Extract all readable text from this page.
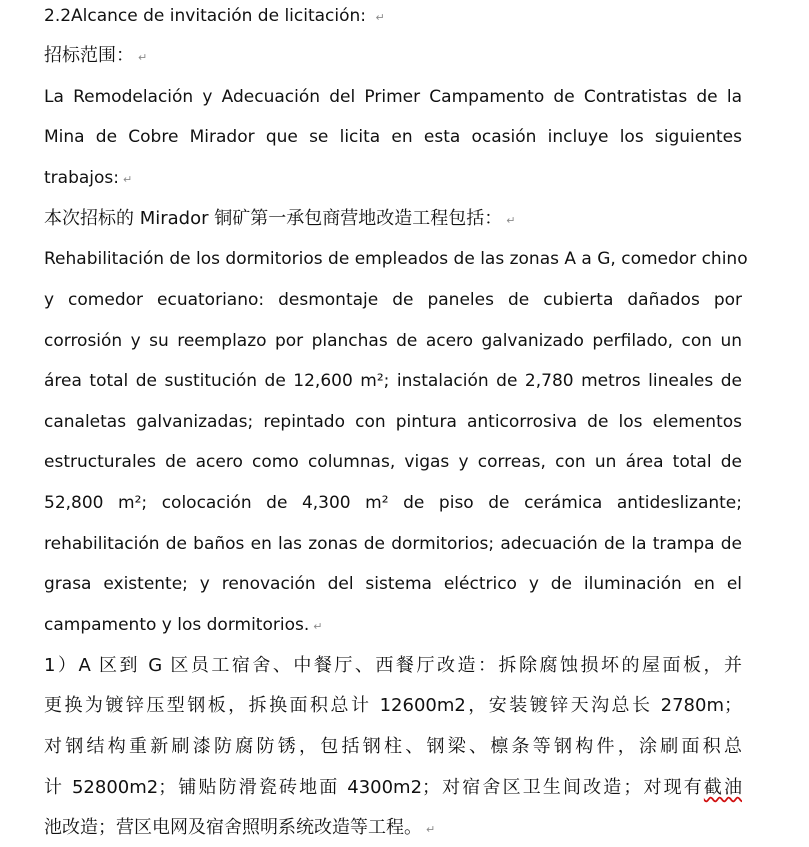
2.2Alcance de invitación de licitación: ↵
招标范围： ↵
La Remodelación y Adecuación del Primer Campamento de Contratistas de la
Mina de Cobre Mirador que se licita en esta ocasión incluye los siguientes
trabajos: ↵
本次招标的 Mirador 铜矿第一承包商营地改造工程包括： ↵
Rehabilitación de los dormitorios de empleados de las zonas A a G, comedor chino
y comedor ecuatoriano: desmontaje de paneles de cubierta dañados por
corrosión y su reemplazo por planchas de acero galvanizado perfilado, con un
área total de sustitución de 12,600 m²; instalación de 2,780 metros lineales de
canaletas galvanizadas; repintado con pintura anticorrosiva de los elementos
estructurales de acero como columnas, vigas y correas, con un área total de
52,800 m²; colocación de 4,300 m² de piso de cerámica antideslizante;
rehabilitación de baños en las zonas de dormitorios; adecuación de la trampa de
grasa existente; y renovación del sistema eléctrico y de iluminación en el
campamento y los dormitorios. ↵
1）A 区到 G 区员工宿舍、中餐厅、西餐厅改造：拆除腐蚀损坏的屋面板，并
更换为镀锌压型钢板，拆换面积总计 12600m2，安装镀锌天沟总长 2780m；
对钢结构重新刷漆防腐防锈，包括钢柱、钢梁、檩条等钢构件，涂刷面积总
计 52800m2；铺贴防滑瓷砖地面 4300m2；对宿舍区卫生间改造；对现有截油
池改造；营区电网及宿舍照明系统改造等工程。 ↵
